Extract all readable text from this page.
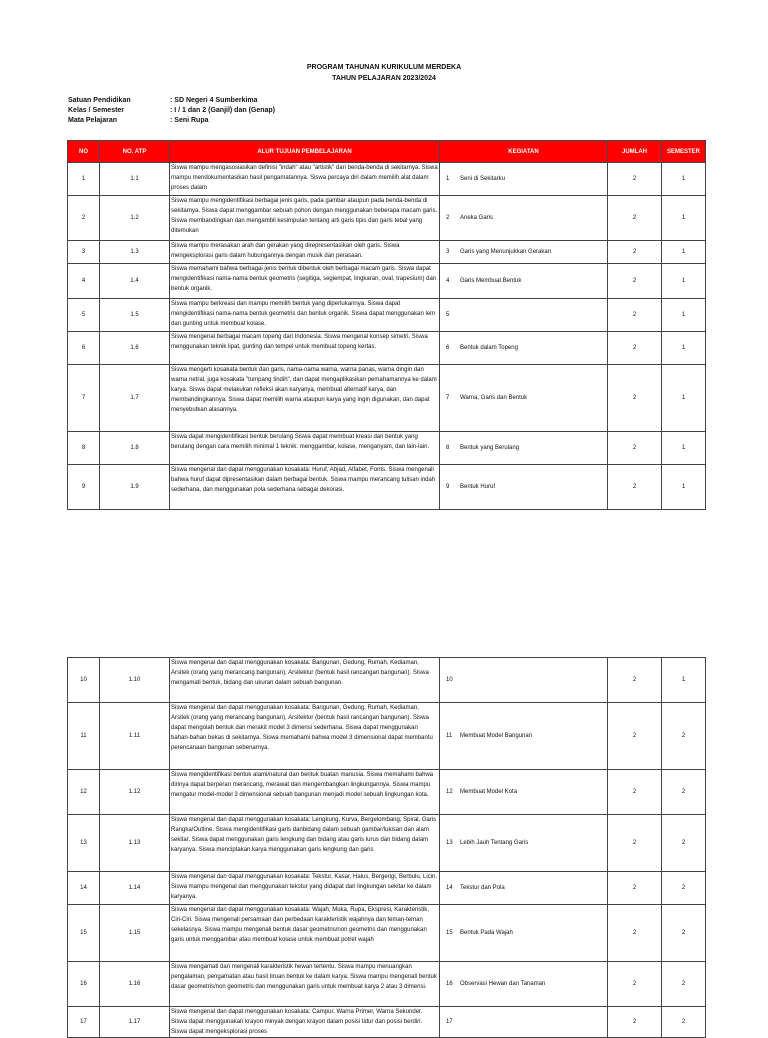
PROGRAM TAHUNAN KURIKULUM MERDEKA
TAHUN PELAJARAN 2023/2024
Satuan Pendidikan	: SD Negeri 4 Sumberkima
Kelas / Semester	: I / 1 dan 2 (Ganjil) dan (Genap)
Mata Pelajaran	: Seni Rupa
NO	NO. ATP	ALUR TUJUAN PEMBELAJARAN	KEGIATAN	JUMLAH	SEMESTER
1	1.1	Siswa mampu mengasosiasikan definisi "indah" atau "artistik" dari benda-benda di sekitarnya. Siswa mampu mendokumentasikan hasil pengamatannya. Siswa percaya diri dalam memilih alat dalam proses dalam	1 Seni di Sekitarku	2	1
2	1.2	Siswa mampu mengidentifikasi berbagai jenis garis, pada gambar ataupun pada benda-benda di sekitarnya. Siswa dapat menggambar sebuah pohon dengan menggunakan beberapa macam garis. Siswa membandingkan dan mengambil kesimpulan tentang arti garis tipis dan garis tebal yang ditemukan	2 Aneka Garis	2	1
3	1.3	Siswa mampu merasakan arah dan gerakan yang direpresentasikan oleh garis. Siswa mengeksplorasi garis dalam hubungannya dengan musik dan perasaan.	3 Garis yang Menunjukkan Gerakan	2	1
4	1.4	Siswa memahami bahwa berbagai jenis bentuk dibentuk oleh berbagai macam garis. Siswa dapat mengidentifikasi nama-nama bentuk geometris (segitiga, segiempat, lingkaran, oval, trapesium) dan bentuk organik.	4 Garis Membuat Bentuk	2	1
5	1.5	Siswa mampu berkreasi dan mampu memilih bentuk yang diperlukannya. Siswa dapat mengidentifikasi nama-nama bentuk geometris dan bentuk organik. Siswa dapat menggunakan lem dan gunting untuk membuat kolase.	5	2	1
6	1.6	Siswa mengenal berbagai macam topeng dari Indonesia. Siswa mengenal konsep simetri. Siswa menggunakan teknik lipat, gunting dan tempel untuk membuat topeng kertas.	6 Bentuk dalam Topeng	2	1
7	1.7	Siswa mengerti kosakata bentuk dan garis, nama-nama warna, warna panas, warna dingin dan warna netral, juga kosakata "tumpang tindih", dan dapat mengaplikasikan pemahamannya ke dalam karya. Siswa dapat melakukan refleksi akan karyanya, membuat alternatif karya, dan membandingkannya. Siswa dapat memilih warna ataupun karya yang ingin digunakan, dan dapat menyebutkan alasannya.	7 Warna, Garis dan Bentuk	2	1
8	1.8	Siswa dapat mengidentifikasi bentuk berulang Siswa dapat membuat kreasi dari bentuk yang berulang dengan cara memilih minimal 1 teknik: menggambar, kolase, menganyam, dan lain-lain.	8 Bentuk yang Berulang	2	1
9	1.9	Siswa mengenal dan dapat menggunakan kosakata: Huruf, Abjad, Alfabet, Fonts. Siswa mengenali bahwa huruf dapat dipresentasikan dalam berbagai bentuk. Siswa mampu merancang tulisan indah sederhana, dan menggunakan pola sederhana sebagai dekorasi.	9 Bentuk Huruf	2	1
10	1.10	Siswa mengenal dan dapat menggunakan kosakata: Bangunan, Gedung, Rumah, Kediaman, Arsitek (orang yang merancang bangunan), Arsitektur (bentuk hasil rancangan bangunan). Siswa mengamati bentuk, bidang dan ukuran dalam sebuah bangunan.	10	2	1
11	1.11	Siswa mengenal dan dapat menggunakan kosakata: Bangunan, Gedung, Rumah, Kediaman, Arsitek (orang yang merancang bangunan), Arsitektur (bentuk hasil rancangan bangunan). Siswa dapat mengolah bentuk dan merakit model 3 dimensi sederhana. Siswa dapat menggunakan bahan-bahan bekas di sekitarnya. Siswa memahami bahwa model 3 dimensional dapat membantu perencanaan bangunan sebenarnya.	11 Membuat Model Bangunan	2	2
12	1.12	Siswa mengidentifikasi bentuk alami/natural dan bentuk buatan manusia. Siswa memahami bahwa dirinya dapat berperan merancang, merawat dan mengembangkan lingkungannya. Siswa mampu mengatur model-model 3 dimensional sebuah bangunan menjadi model sebuah lingkungan kota.	12 Membuat Model Kota	2	2
13	1.13	Siswa mengenal dan dapat menggunakan kosakata: Lengkung, Kurva, Bergelombang, Spiral, Garis Rangka/Outline. Siswa mengidentifikasi garis danbidang dalam sebuah gambar/lukisan dan alam sekitar. Siswa dapat menggunakan garis lengkung dan bidang atau garis lurus dan bidang dalam karyanya. Siswa menciptakan karya menggunakan garis lengkung dan garis	13 Lebih Jauh Tentang Garis	2	2
14	1.14	Siswa mengenal dan dapat menggunakan kosakata: Tekstur, Kasar, Halus, Bergerigi, Berbulu, Licin. Siswa mampu mengenal dan menggunakan tekstur yang didapat dari lingkungan sekitar ke dalam karyanya.	14 Tekstur dan Pola	2	2
15	1.15	Siswa mengenal dan dapat menggunakan kosakata: Wajah, Muka, Rupa, Ekspresi, Karakteristik, Ciri-Ciri. Siswa mengenali persamaan dan perbedaan karakteristik wajahnya dan teman-teman sekelasnya. Siswa mampu mengenali bentuk dasar geometris/non geometris dan menggunakan garis untuk menggambar atau membuat kolase untuk membuat potret wajah	15 Bentuk Pada Wajah	2	2
16	1.16	Siswa mengamati dan mengenali karakteristik hewan tertentu. Siswa mampu menuangkan pengalaman, pengamatan atau hasil tiruan bentuk ke dalam karya. Siswa mampu mengenali bentuk dasar geometris/non geometris dan menggunakan garis untuk membuat karya 2 atau 3 dimensi.	16 Observasi Hewan dan Tanaman	2	2
17	1.17	Siswa mengenal dan dapat menggunakan kosakata: Campur, Warna Primer, Warna Sekunder. Siswa dapat menggunakan krayon minyak dengan krayon dalam posisi tidur dan posisi berdiri. Siswa dapat mengeksplorasi proses	17	2	2
